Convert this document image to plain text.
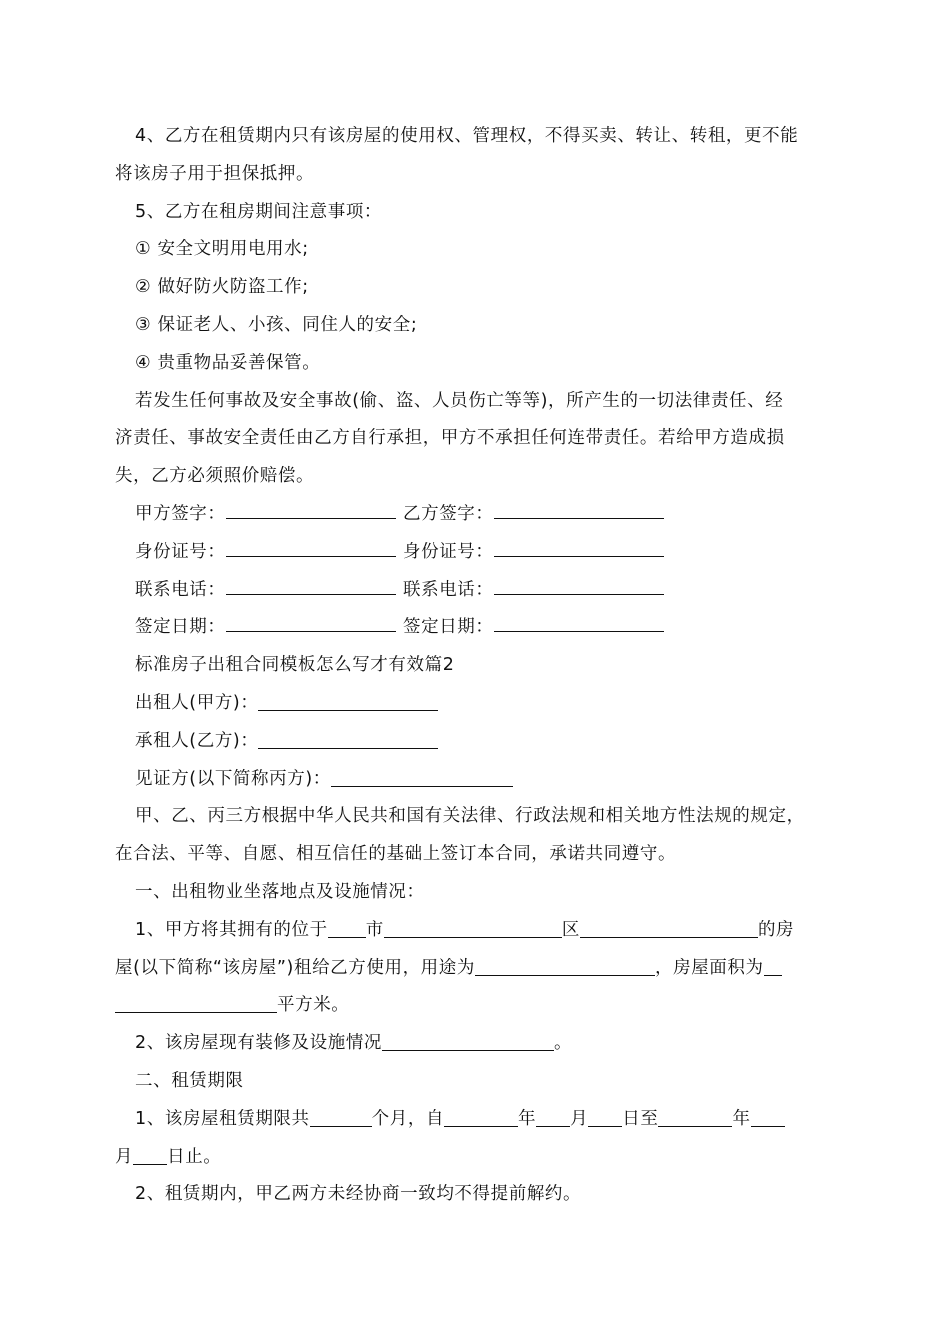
4、乙方在租赁期内只有该房屋的使用权、管理权，不得买卖、转让、转租，更不能

将该房子用于担保抵押。

5、乙方在租房期间注意事项：

① 安全文明用电用水;

② 做好防火防盗工作;

③ 保证老人、小孩、同住人的安全;

④ 贵重物品妥善保管。

若发生任何事故及安全事故(偷、盗、人员伤亡等等)，所产生的一切法律责任、经

济责任、事故安全责任由乙方自行承担，甲方不承担任何连带责任。若给甲方造成损

失，乙方必须照价赔偿。

甲方签字：	乙方签字：
身份证号：	身份证号：
联系电话：	联系电话：
签定日期：	签定日期：

标准房子出租合同模板怎么写才有效篇2

出租人(甲方)：

承租人(乙方)：

见证方(以下简称丙方)：

甲、乙、丙三方根据中华人民共和国有关法律、行政法规和相关地方性法规的规定，

在合法、平等、自愿、相互信任的基础上签订本合同，承诺共同遵守。

一、出租物业坐落地点及设施情况：

1、甲方将其拥有的位于 市	区	的房

屋(以下简称“该房屋”)租给乙方使用，用途为	，房屋面积为

平方米。

2、该房屋现有装修及设施情况	。

二、租赁期限

1、该房屋租赁期限共	个月，自	年 月 日至	年

月 日止。

2、租赁期内，甲乙两方未经协商一致均不得提前解约。
